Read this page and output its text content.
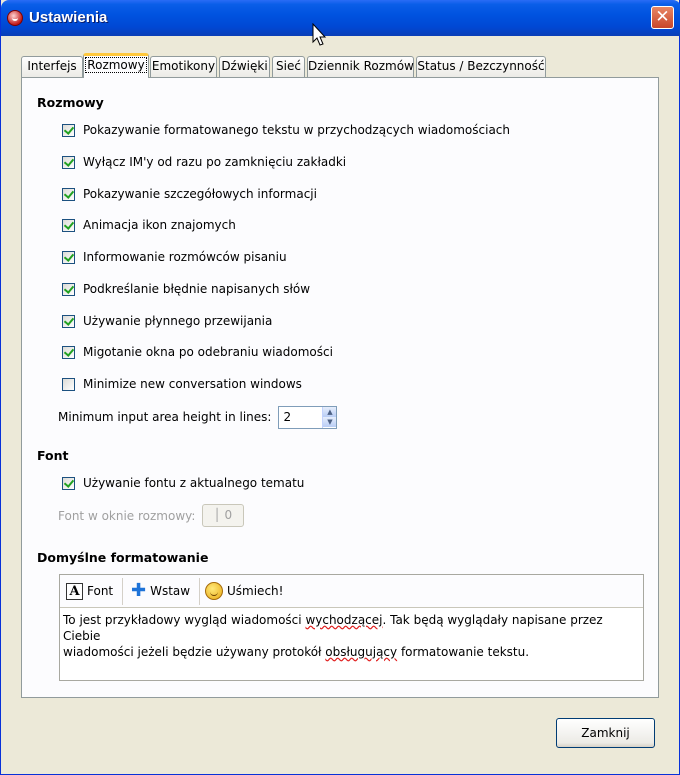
Ustawienia	✕
Interfejs Rozmowy Emotikony Dźwięki Sieć Dziennik Rozmów Status / Bezczynność
Rozmowy
Pokazywanie formatowanego tekstu w przychodzących wiadomościach
Wyłącz IM'y od razu po zamknięciu zakładki
Pokazywanie szczegółowych informacji
Animacja ikon znajomych
Informowanie rozmówców pisaniu
Podkreślanie błędnie napisanych słów
Używanie płynnego przewijania
Migotanie okna po odebraniu wiadomości
Minimize new conversation windows
Minimum input area height in lines: 2	▲
▼
Font
Używanie fontu z aktualnego tematu
Font w oknie rozmowy:	│ 0
Domyślne formatowanie
A Font ✚ Wstaw	Uśmiech!
To jest przykładowy wygląd wiadomości wychodzącej. Tak będą wyglądały napisane przez Ciebie
wiadomości jeżeli będzie używany protokół obsługujący formatowanie tekstu.
Zamknij
